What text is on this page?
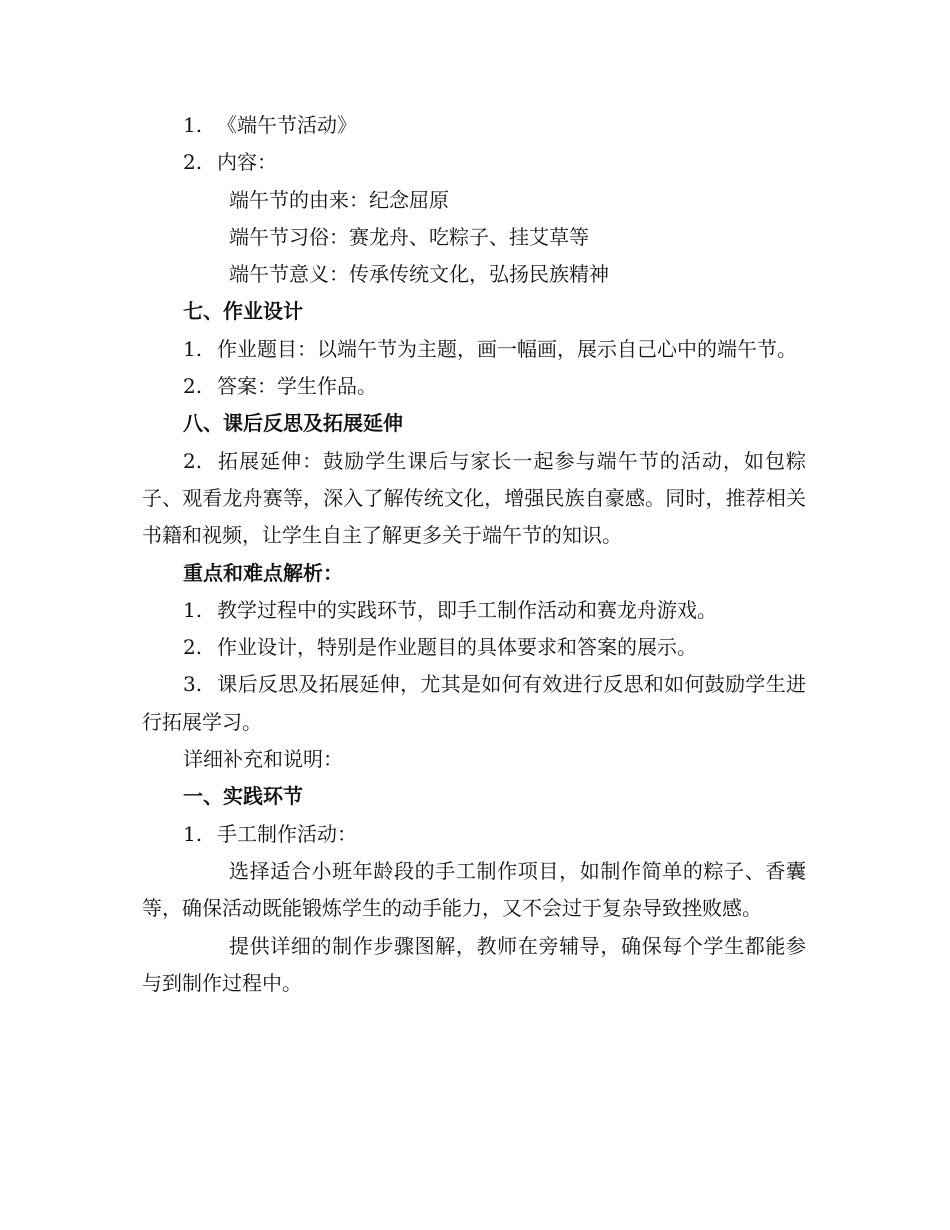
1. 《端午节活动》

2. 内容：

端午节的由来：纪念屈原

端午节习俗：赛龙舟、吃粽子、挂艾草等

端午节意义：传承传统文化，弘扬民族精神

七、作业设计

1. 作业题目：以端午节为主题，画一幅画，展示自己心中的端午节。

2. 答案：学生作品。

八、课后反思及拓展延伸

2. 拓展延伸：鼓励学生课后与家长一起参与端午节的活动，如包粽子、观看龙舟赛等，深入了解传统文化，增强民族自豪感。同时，推荐相关书籍和视频，让学生自主了解更多关于端午节的知识。

重点和难点解析：

1. 教学过程中的实践环节，即手工制作活动和赛龙舟游戏。

2. 作业设计，特别是作业题目的具体要求和答案的展示。

3. 课后反思及拓展延伸，尤其是如何有效进行反思和如何鼓励学生进行拓展学习。

详细补充和说明：

一、实践环节

1. 手工制作活动：

选择适合小班年龄段的手工制作项目，如制作简单的粽子、香囊等，确保活动既能锻炼学生的动手能力，又不会过于复杂导致挫败感。

提供详细的制作步骤图解，教师在旁辅导，确保每个学生都能参与到制作过程中。
